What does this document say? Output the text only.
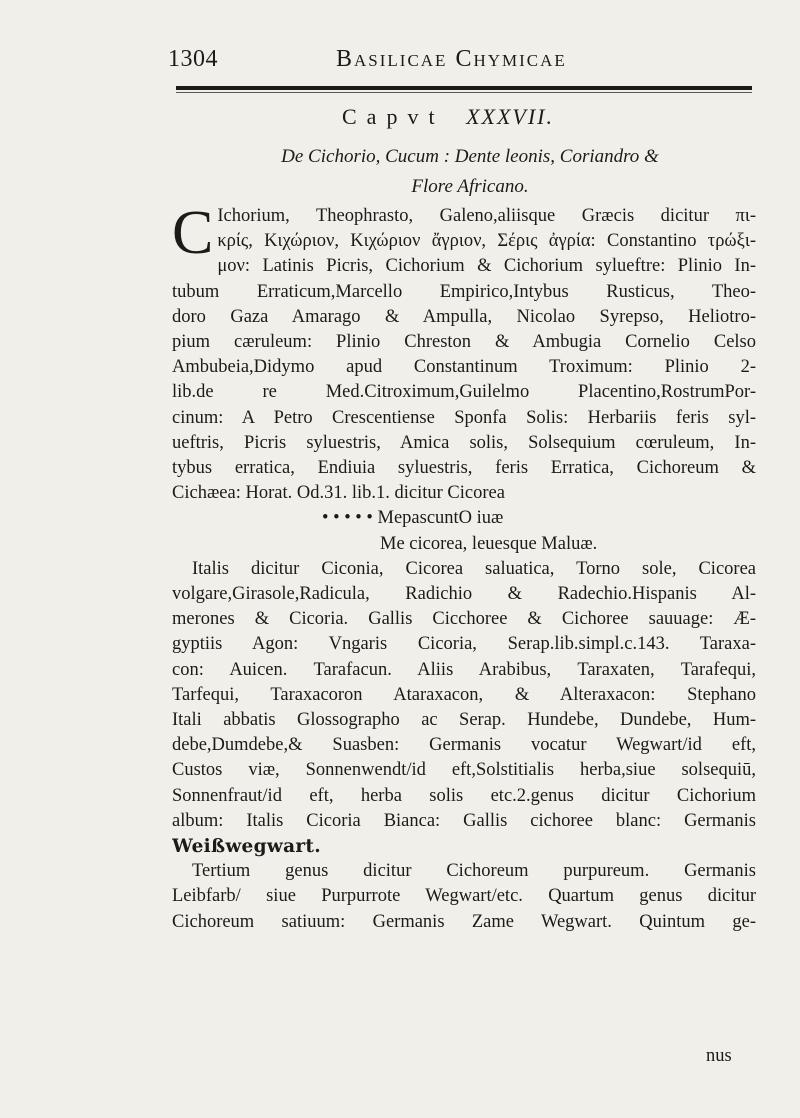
1304	Basilicae Chymicae
Capvt XXXVII.
De Cichorio, Cucum : Dente leonis, Coriandro &
Flore Africano.
C Ichorium, Theophrasto, Galeno,aliisque Græcis dicitur πι-
κρίς, Κιχώριον, Κιχώριον ἄγριον, Σέρις ἀγρία: Constantino τρώξι-
μον: Latinis Picris, Cichorium & Cichorium sylueftre: Plinio In-
tubum Erraticum,Marcello Empirico,Intybus Rusticus, Theo-
doro Gaza Amarago & Ampulla, Nicolao Syrepso, Heliotro-
pium cæruleum: Plinio Chreston & Ambugia Cornelio Celso
Ambubeia,Didymo apud Constantinum Troximum: Plinio 2-
lib.de re Med.Citroximum,Guilelmo Placentino,RostrumPor-
cinum: A Petro Crescentiense Sponfa Solis: Herbariis feris syl-
ueftris, Picris syluestris, Amica solis, Solsequium cœruleum, In-
tybus erratica, Endiuia syluestris, feris Erratica, Cichoreum &
Cichæea: Horat. Od.31. lib.1. dicitur Cicorea
• • • • • MepascuntO iuæ
Me cicorea, leuesque Maluæ.
Italis dicitur Ciconia, Cicorea saluatica, Torno sole, Cicorea
volgare,Girasole,Radicula, Radichio & Radechio.Hispanis Al-
merones & Cicoria. Gallis Cicchoree & Cichoree sauuage: Æ-
gyptiis Agon: Vngaris Cicoria, Serap.lib.simpl.c.143. Taraxa-
con: Auicen. Tarafacun. Aliis Arabibus, Taraxaten, Tarafequi,
Tarfequi, Taraxacoron Ataraxacon, & Alteraxacon: Stephano
Itali abbatis Glossographo ac Serap. Hundebe, Dundebe, Hum-
debe,Dumdebe,& Suasben: Germanis vocatur Wegwart/id eft,
Custos viæ, Sonnenwendt/id eft,Solstitialis herba,siue solsequiū,
Sonnenfraut/id eft, herba solis etc.2.genus dicitur Cichorium
album: Italis Cicoria Bianca: Gallis cichoree blanc: Germanis
Weißwegwart.
Tertium genus dicitur Cichoreum purpureum. Germanis
Leibfarb/ siue Purpurrote Wegwart/etc. Quartum genus dicitur
Cichoreum satiuum: Germanis Zame Wegwart. Quintum ge-
nus
